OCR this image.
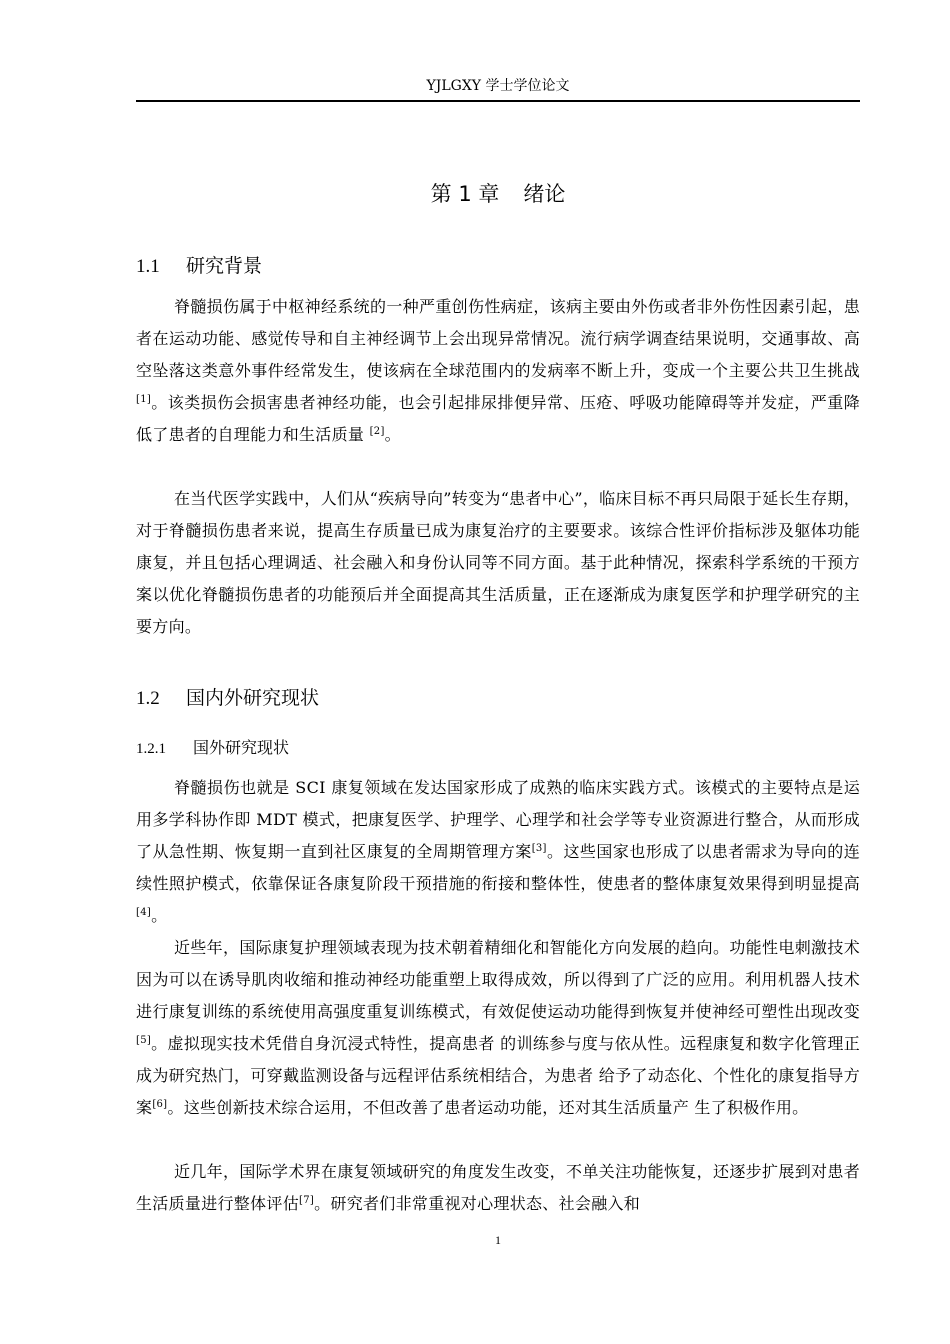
YJLGXY 学士学位论文
第 1 章 绪论
1.1 研究背景

脊髓损伤属于中枢神经系统的一种严重创伤性病症，该病主要由外伤或者非外伤性因素引起，患者在运动功能、感觉传导和自主神经调节上会出现异常情况。流行病学调查结果说明，交通事故、高空坠落这类意外事件经常发生，使该病在全球范围内的发病率不断上升，变成一个主要公共卫生挑战[1]。该类损伤会损害患者神经功能，也会引起排尿排便异常、压疮、呼吸功能障碍等并发症，严重降低了患者的自理能力和生活质量 [2]。

在当代医学实践中，人们从“疾病导向”转变为“患者中心”，临床目标不再只局限于延长生存期，对于脊髓损伤患者来说，提高生存质量已成为康复治疗的主要要求。该综合性评价指标涉及躯体功能康复，并且包括心理调适、社会融入和身份认同等不同方面。基于此种情况，探索科学系统的干预方案以优化脊髓损伤患者的功能预后并全面提高其生活质量，正在逐渐成为康复医学和护理学研究的主要方向。

1.2 国内外研究现状
1.2.1 国外研究现状

脊髓损伤也就是 SCI 康复领域在发达国家形成了成熟的临床实践方式。该模式的主要特点是运用多学科协作即 MDT 模式，把康复医学、护理学、心理学和社会学等专业资源进行整合，从而形成了从急性期、恢复期一直到社区康复的全周期管理方案[3]。这些国家也形成了以患者需求为导向的连续性照护模式，依靠保证各康复阶段干预措施的衔接和整体性，使患者的整体康复效果得到明显提高[4]。

近些年，国际康复护理领域表现为技术朝着精细化和智能化方向发展的趋向。功能性电刺激技术因为可以在诱导肌肉收缩和推动神经功能重塑上取得成效，所以得到了广泛的应用。利用机器人技术进行康复训练的系统使用高强度重复训练模式，有效促使运动功能得到恢复并使神经可塑性出现改变[5]。虚拟现实技术凭借自身沉浸式特性，提高患者 的训练参与度与依从性。远程康复和数字化管理正成为研究热门，可穿戴监测设备与远程评估系统相结合，为患者 给予了动态化、个性化的康复指导方案[6]。这些创新技术综合运用，不但改善了患者运动功能，还对其生活质量产 生了积极作用。

近几年，国际学术界在康复领域研究的角度发生改变，不单关注功能恢复，还逐步扩展到对患者生活质量进行整体评估[7]。研究者们非常重视对心理状态、社会融入和

1
